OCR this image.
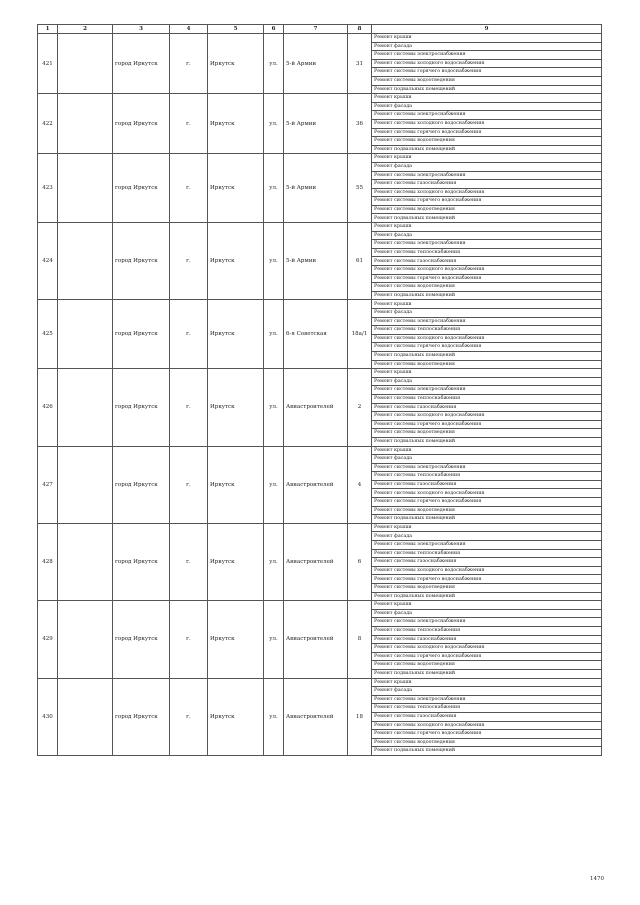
1	2	3	4	5	6	7	8	9
421		город Иркутск	г.	Иркутск	ул.	5-й Армии	31	Ремонт крыши
								Ремонт фасада
								Ремонт системы электроснабжения
								Ремонт системы холодного водоснабжения
								Ремонт системы горячего водоснабжения
								Ремонт системы водоотведения
								Ремонт подвальных помещений
422		город Иркутск	г.	Иркутск	ул.	5-й Армии	36	Ремонт крыши
								Ремонт фасада
								Ремонт системы электроснабжения
								Ремонт системы холодного водоснабжения
								Ремонт системы горячего водоснабжения
								Ремонт системы водоотведения
								Ремонт подвальных помещений
423		город Иркутск	г.	Иркутск	ул.	5-й Армии	55	Ремонт крыши
								Ремонт фасада
								Ремонт системы электроснабжения
								Ремонт системы газоснабжения
								Ремонт системы холодного водоснабжения
								Ремонт системы горячего водоснабжения
								Ремонт системы водоотведения
								Ремонт подвальных помещений
424		город Иркутск	г.	Иркутск	ул.	5-й Армии	61	Ремонт крыши
								Ремонт фасада
								Ремонт системы электроснабжения
								Ремонт системы теплоснабжения
								Ремонт системы газоснабжения
								Ремонт системы холодного водоснабжения
								Ремонт системы горячего водоснабжения
								Ремонт системы водоотведения
								Ремонт подвальных помещений
425		город Иркутск	г.	Иркутск	ул.	6-я Советская	18а/1	Ремонт крыши
								Ремонт фасада
								Ремонт системы электроснабжения
								Ремонт системы теплоснабжения
								Ремонт системы холодного водоснабжения
								Ремонт системы горячего водоснабжения
								Ремонт подвальных помещений
								Ремонт системы водоотведения
426		город Иркутск	г.	Иркутск	ул.	Авиастроителей	2	Ремонт крыши
								Ремонт фасада
								Ремонт системы электроснабжения
								Ремонт системы теплоснабжения
								Ремонт системы газоснабжения
								Ремонт системы холодного водоснабжения
								Ремонт системы горячего водоснабжения
								Ремонт системы водоотведения
								Ремонт подвальных помещений
427		город Иркутск	г.	Иркутск	ул.	Авиастроителей	4	Ремонт крыши
								Ремонт фасада
								Ремонт системы электроснабжения
								Ремонт системы теплоснабжения
								Ремонт системы газоснабжения
								Ремонт системы холодного водоснабжения
								Ремонт системы горячего водоснабжения
								Ремонт системы водоотведения
								Ремонт подвальных помещений
428		город Иркутск	г.	Иркутск	ул.	Авиастроителей	6	Ремонт крыши
								Ремонт фасада
								Ремонт системы электроснабжения
								Ремонт системы теплоснабжения
								Ремонт системы газоснабжения
								Ремонт системы холодного водоснабжения
								Ремонт системы горячего водоснабжения
								Ремонт системы водоотведения
								Ремонт подвальных помещений
429		город Иркутск	г.	Иркутск	ул.	Авиастроителей	8	Ремонт крыши
								Ремонт фасада
								Ремонт системы электроснабжения
								Ремонт системы теплоснабжения
								Ремонт системы газоснабжения
								Ремонт системы холодного водоснабжения
								Ремонт системы горячего водоснабжения
								Ремонт системы водоотведения
								Ремонт подвальных помещений
430		город Иркутск	г.	Иркутск	ул.	Авиастроителей	18	Ремонт крыши
								Ремонт фасада
								Ремонт системы электроснабжения
								Ремонт системы теплоснабжения
								Ремонт системы газоснабжения
								Ремонт системы холодного водоснабжения
								Ремонт системы горячего водоснабжения
								Ремонт системы водоотведения
								Ремонт подвальных помещений
1470
